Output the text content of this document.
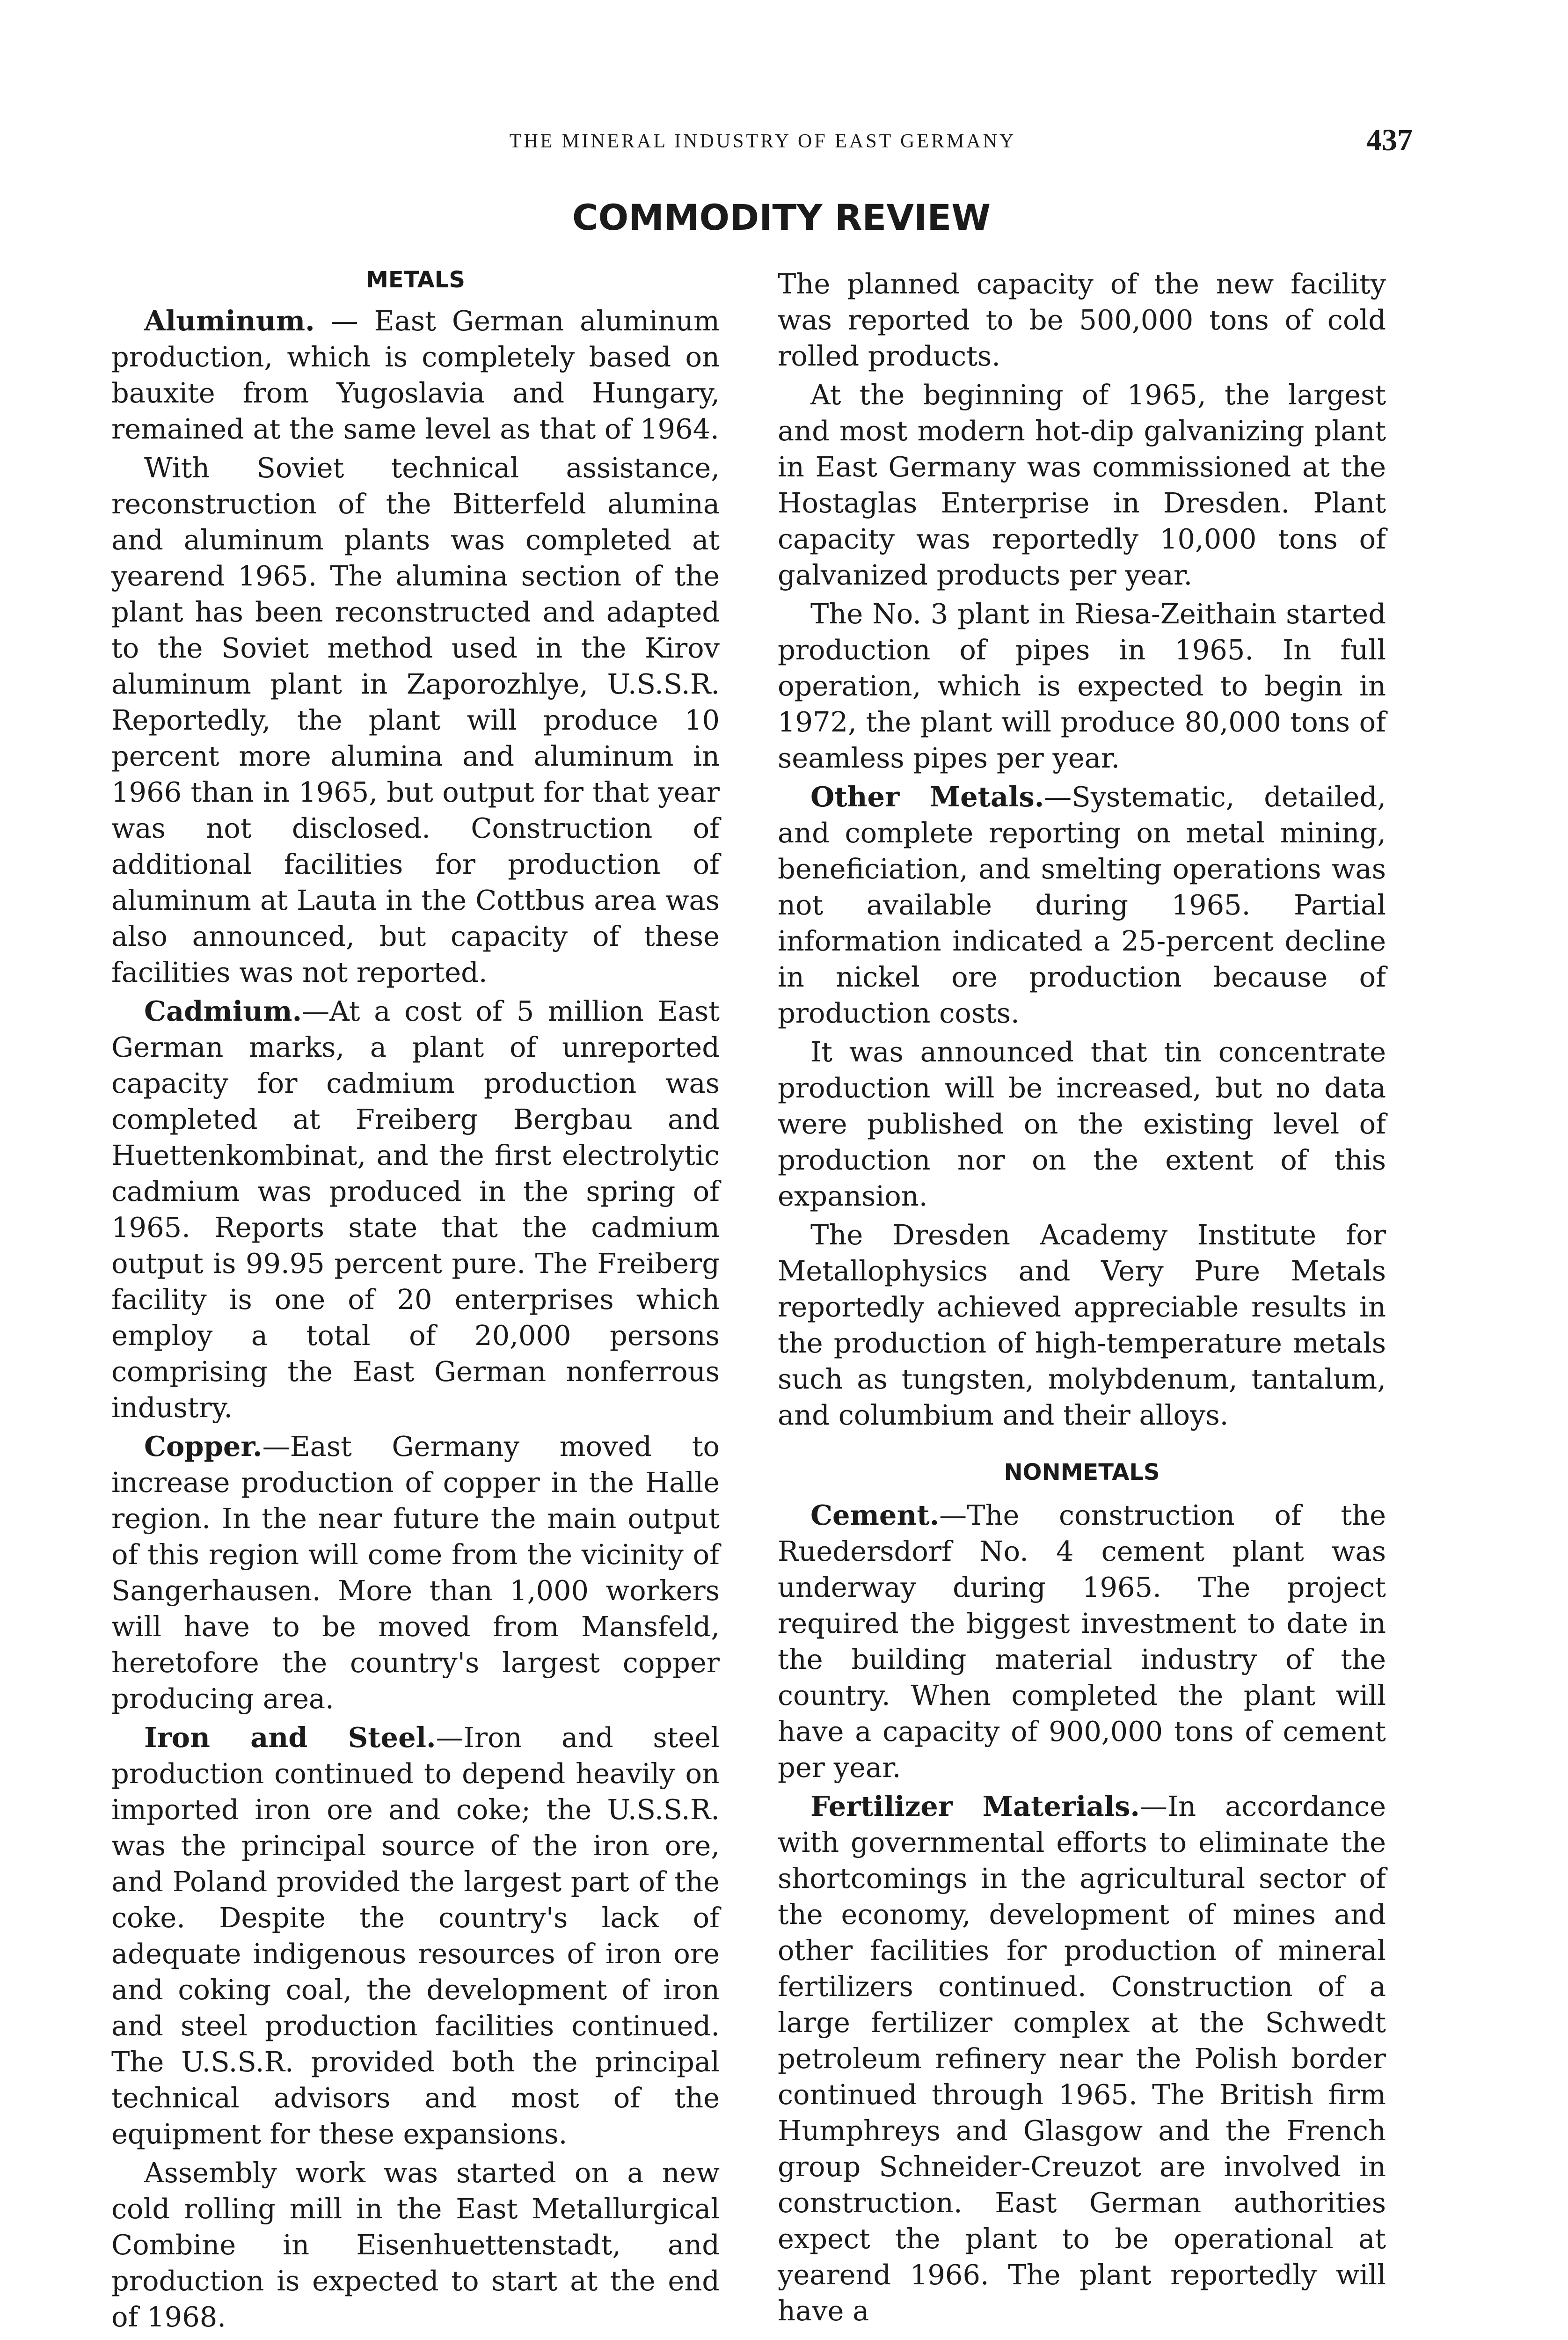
THE MINERAL INDUSTRY OF EAST GERMANY	437
COMMODITY REVIEW
METALS

Aluminum. — East German aluminum production, which is completely based on bauxite from Yugoslavia and Hungary, remained at the same level as that of 1964.

With Soviet technical assistance, reconstruction of the Bitterfeld alumina and aluminum plants was completed at yearend 1965. The alumina section of the plant has been reconstructed and adapted to the Soviet method used in the Kirov aluminum plant in Zaporozhlye, U.S.S.R. Reportedly, the plant will produce 10 percent more alumina and aluminum in 1966 than in 1965, but output for that year was not disclosed. Construction of additional facilities for production of aluminum at Lauta in the Cottbus area was also announced, but capacity of these facilities was not reported.

Cadmium.—At a cost of 5 million East German marks, a plant of unreported capacity for cadmium production was completed at Freiberg Bergbau and Huettenkombinat, and the first electrolytic cadmium was produced in the spring of 1965. Reports state that the cadmium output is 99.95 percent pure. The Freiberg facility is one of 20 enterprises which employ a total of 20,000 persons comprising the East German nonferrous industry.

Copper.—East Germany moved to increase production of copper in the Halle region. In the near future the main output of this region will come from the vicinity of Sangerhausen. More than 1,000 workers will have to be moved from Mansfeld, heretofore the country's largest copper producing area.

Iron and Steel.—Iron and steel production continued to depend heavily on imported iron ore and coke; the U.S.S.R. was the principal source of the iron ore, and Poland provided the largest part of the coke. Despite the country's lack of adequate indigenous resources of iron ore and coking coal, the development of iron and steel production facilities continued. The U.S.S.R. provided both the principal technical advisors and most of the equipment for these expansions.

Assembly work was started on a new cold rolling mill in the East Metallurgical Combine in Eisenhuettenstadt, and production is expected to start at the end of 1968.

The planned capacity of the new facility was reported to be 500,000 tons of cold rolled products.

At the beginning of 1965, the largest and most modern hot-dip galvanizing plant in East Germany was commissioned at the Hostaglas Enterprise in Dresden. Plant capacity was reportedly 10,000 tons of galvanized products per year.

The No. 3 plant in Riesa-Zeithain started production of pipes in 1965. In full operation, which is expected to begin in 1972, the plant will produce 80,000 tons of seamless pipes per year.

Other Metals.—Systematic, detailed, and complete reporting on metal mining, beneficiation, and smelting operations was not available during 1965. Partial information indicated a 25-percent decline in nickel ore production because of production costs.

It was announced that tin concentrate production will be increased, but no data were published on the existing level of production nor on the extent of this expansion.

The Dresden Academy Institute for Metallophysics and Very Pure Metals reportedly achieved appreciable results in the production of high-temperature metals such as tungsten, molybdenum, tantalum, and columbium and their alloys.

NONMETALS

Cement.—The construction of the Ruedersdorf No. 4 cement plant was underway during 1965. The project required the biggest investment to date in the building material industry of the country. When completed the plant will have a capacity of 900,000 tons of cement per year.

Fertilizer Materials.—In accordance with governmental efforts to eliminate the shortcomings in the agricultural sector of the economy, development of mines and other facilities for production of mineral fertilizers continued. Construction of a large fertilizer complex at the Schwedt petroleum refinery near the Polish border continued through 1965. The British firm Humphreys and Glasgow and the French group Schneider-Creuzot are involved in construction. East German authorities expect the plant to be operational at yearend 1966. The plant reportedly will have a
